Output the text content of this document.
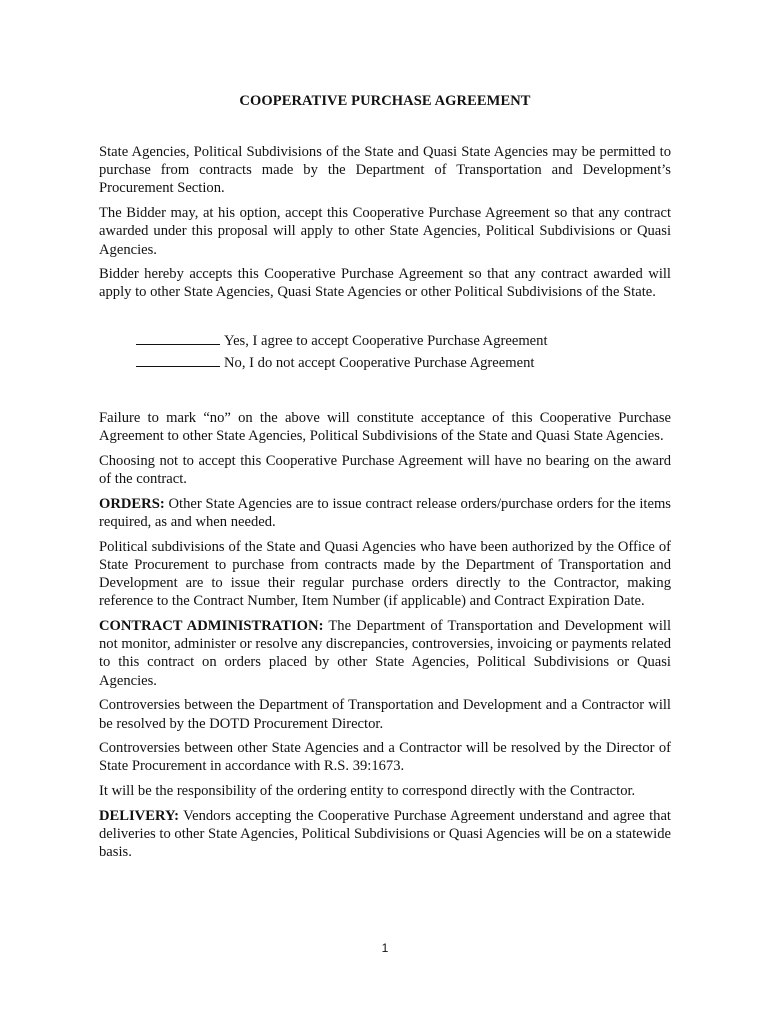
COOPERATIVE PURCHASE AGREEMENT

State Agencies, Political Subdivisions of the State and Quasi State Agencies may be permitted to purchase from contracts made by the Department of Transportation and Development’s Procurement Section.

The Bidder may, at his option, accept this Cooperative Purchase Agreement so that any contract awarded under this proposal will apply to other State Agencies, Political Subdivisions or Quasi Agencies.

Bidder hereby accepts this Cooperative Purchase Agreement so that any contract awarded will apply to other State Agencies, Quasi State Agencies or other Political Subdivisions of the State.

Yes, I agree to accept Cooperative Purchase Agreement
No, I do not accept Cooperative Purchase Agreement

Failure to mark “no” on the above will constitute acceptance of this Cooperative Purchase Agreement to other State Agencies, Political Subdivisions of the State and Quasi State Agencies.

Choosing not to accept this Cooperative Purchase Agreement will have no bearing on the award of the contract.

ORDERS: Other State Agencies are to issue contract release orders/purchase orders for the items required, as and when needed.

Political subdivisions of the State and Quasi Agencies who have been authorized by the Office of State Procurement to purchase from contracts made by the Department of Transportation and Development are to issue their regular purchase orders directly to the Contractor, making reference to the Contract Number, Item Number (if applicable) and Contract Expiration Date.

CONTRACT ADMINISTRATION: The Department of Transportation and Development will not monitor, administer or resolve any discrepancies, controversies, invoicing or payments related to this contract on orders placed by other State Agencies, Political Subdivisions or Quasi Agencies.

Controversies between the Department of Transportation and Development and a Contractor will be resolved by the DOTD Procurement Director.

Controversies between other State Agencies and a Contractor will be resolved by the Director of State Procurement in accordance with R.S. 39:1673.

It will be the responsibility of the ordering entity to correspond directly with the Contractor.

DELIVERY: Vendors accepting the Cooperative Purchase Agreement understand and agree that deliveries to other State Agencies, Political Subdivisions or Quasi Agencies will be on a statewide basis.

1
